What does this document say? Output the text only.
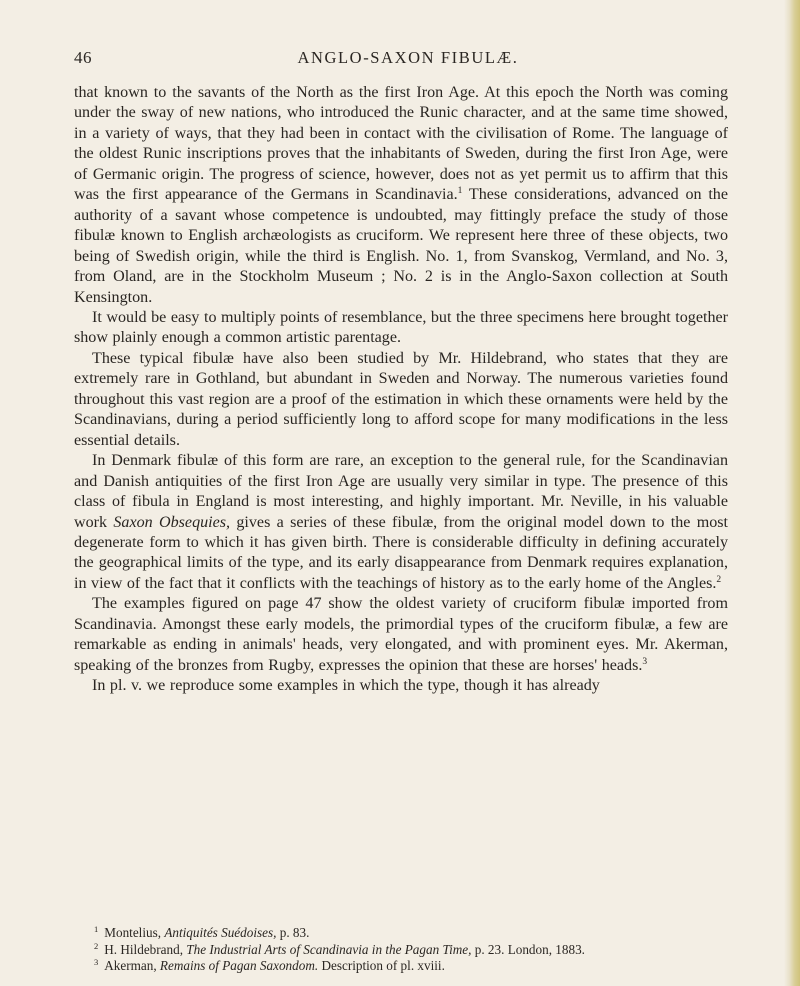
46	ANGLO-SAXON FIBULÆ.

that known to the savants of the North as the first Iron Age. At this epoch the North was coming under the sway of new nations, who introduced the Runic character, and at the same time showed, in a variety of ways, that they had been in contact with the civilisation of Rome. The language of the oldest Runic inscriptions proves that the inhabitants of Sweden, during the first Iron Age, were of Germanic origin. The progress of science, however, does not as yet permit us to affirm that this was the first appearance of the Germans in Scandinavia.$^1$ These considerations, advanced on the authority of a savant whose competence is undoubted, may fittingly preface the study of those fibulæ known to English archæologists as cruciform. We represent here three of these objects, two being of Swedish origin, while the third is English. No. 1, from Svanskog, Vermland, and No. 3, from Oland, are in the Stockholm Museum ; No. 2 is in the Anglo-Saxon collection at South Kensington.

It would be easy to multiply points of resemblance, but the three specimens here brought together show plainly enough a common artistic parentage.

These typical fibulæ have also been studied by Mr. Hildebrand, who states that they are extremely rare in Gothland, but abundant in Sweden and Norway. The numerous varieties found throughout this vast region are a proof of the estimation in which these ornaments were held by the Scandinavians, during a period sufficiently long to afford scope for many modifications in the less essential details.

In Denmark fibulæ of this form are rare, an exception to the general rule, for the Scandinavian and Danish antiquities of the first Iron Age are usually very similar in type. The presence of this class of fibula in England is most interesting, and highly important. Mr. Neville, in his valuable work Saxon Obsequies, gives a series of these fibulæ, from the original model down to the most degenerate form to which it has given birth. There is considerable difficulty in defining accurately the geographical limits of the type, and its early disappearance from Denmark requires explanation, in view of the fact that it conflicts with the teachings of history as to the early home of the Angles.$^2$

The examples figured on page 47 show the oldest variety of cruciform fibulæ imported from Scandinavia. Amongst these early models, the primordial types of the cruciform fibulæ, a few are remarkable as ending in animals' heads, very elongated, and with prominent eyes. Mr. Akerman, speaking of the bronzes from Rugby, expresses the opinion that these are horses' heads.$^3$

In pl. v. we reproduce some examples in which the type, though it has already

$^1$ Montelius, Antiquités Suédoises, p. 83.
$^2$ H. Hildebrand, The Industrial Arts of Scandinavia in the Pagan Time, p. 23. London, 1883.
$^3$ Akerman, Remains of Pagan Saxondom. Description of pl. xviii.
